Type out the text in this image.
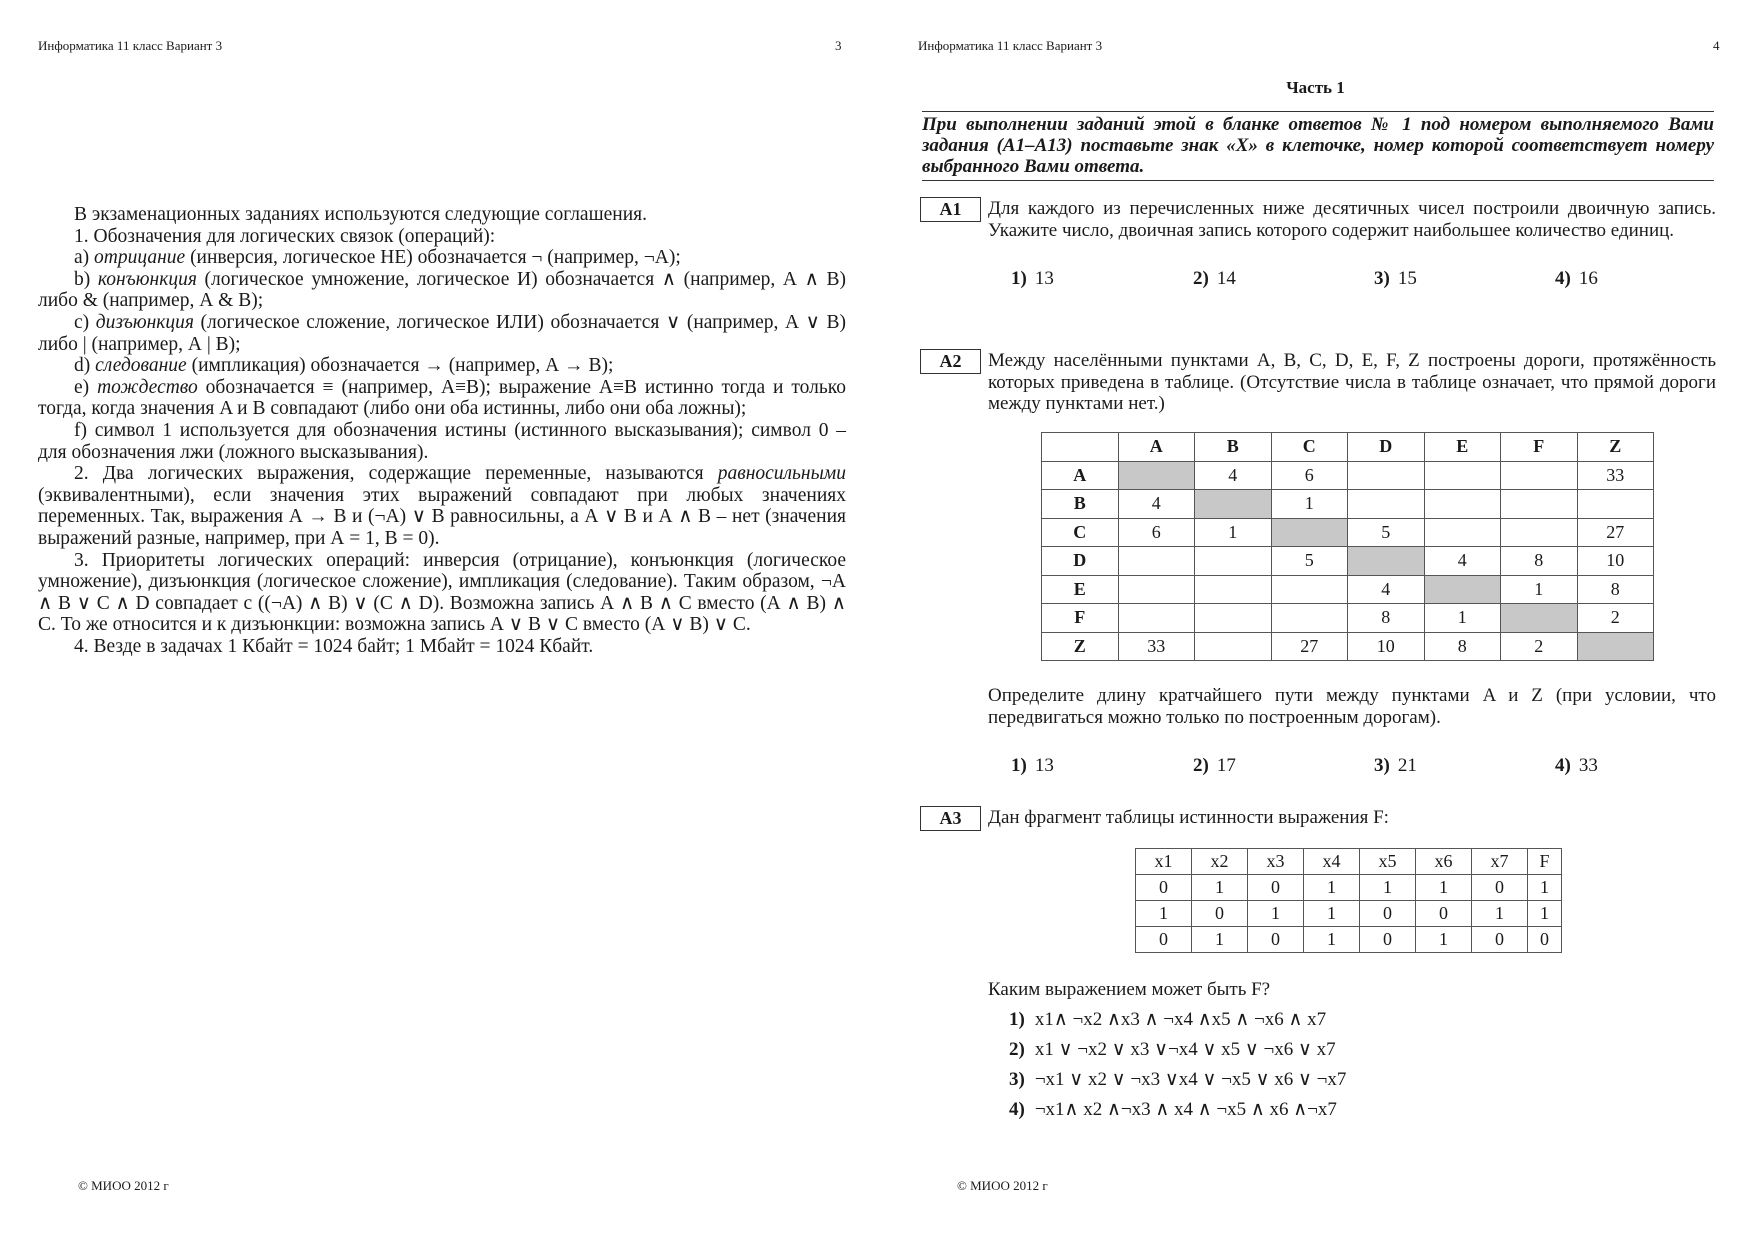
Информатика 11 класс Вариант 3	3

В экзаменационных заданиях используются следующие соглашения.

1. Обозначения для логических связок (операций):

a) отрицание (инверсия, логическое НЕ) обозначается ¬ (например, ¬А);

b) конъюнкция (логическое умножение, логическое И) обозначается ∧ (например, А ∧ В) либо & (например, А & В);

c) дизъюнкция (логическое сложение, логическое ИЛИ) обозначается ∨ (например, А ∨ В) либо | (например, А | В);

d) следование (импликация) обозначается → (например, А → В);

e) тождество обозначается ≡ (например, A≡B); выражение A≡B истинно тогда и только тогда, когда значения A и B совпадают (либо они оба истинны, либо они оба ложны);

f) символ 1 используется для обозначения истины (истинного высказывания); символ 0 – для обозначения лжи (ложного высказывания).

2. Два логических выражения, содержащие переменные, называются равносильными (эквивалентными), если значения этих выражений совпадают при любых значениях переменных. Так, выражения А → В и (¬А) ∨ В равносильны, а А ∨ В и А ∧ В – нет (значения выражений разные, например, при А = 1, В = 0).

3. Приоритеты логических операций: инверсия (отрицание), конъюнкция (логическое умножение), дизъюнкция (логическое сложение), импликация (следование). Таким образом, ¬А ∧ В ∨ С ∧ D совпадает с ((¬А) ∧ В) ∨ (С ∧ D). Возможна запись А ∧ В ∧ С вместо (А ∧ В) ∧ С. То же относится и к дизъюнкции: возможна запись А ∨ В ∨ С вместо (А ∨ В) ∨ С.

4. Везде в задачах 1 Кбайт = 1024 байт; 1 Мбайт = 1024 Кбайт.

© МИОО 2012 г
Информатика 11 класс Вариант 3	4
Часть 1
При выполнении заданий этой в бланке ответов № 1 под номером выполняемого Вами задания (А1–А13) поставьте знак «Х» в клеточке, номер которой соответствует номеру выбранного Вами ответа.
А1	Для каждого из перечисленных ниже десятичных чисел построили двоичную запись. Укажите число, двоичная запись которого содержит наибольшее количество единиц.
1) 13	2) 14	3) 15	4) 16
А2	Между населёнными пунктами A, B, C, D, E, F, Z построены дороги, протяжённость которых приведена в таблице. (Отсутствие числа в таблице означает, что прямой дороги между пунктами нет.)
	A	B	C	D	E	F	Z
A		4	6				33
B	4		1				
C	6	1		5			27
D			5		4	8	10
E				4		1	8
F				8	1		2
Z	33		27	10	8	2	
Определите длину кратчайшего пути между пунктами A и Z (при условии, что передвигаться можно только по построенным дорогам).
1) 13	2) 17	3) 21	4) 33
А3	Дан фрагмент таблицы истинности выражения F:
x1	x2	x3	x4	x5	x6	x7	F
0	1	0	1	1	1	0	1
1	0	1	1	0	0	1	1
0	1	0	1	0	1	0	0
Каким выражением может быть F?
1) x1∧ ¬x2 ∧x3 ∧ ¬x4 ∧x5 ∧ ¬x6 ∧ x7
2) x1 ∨ ¬x2 ∨ x3 ∨¬x4 ∨ x5 ∨ ¬x6 ∨ x7
3) ¬x1 ∨ x2 ∨ ¬x3 ∨x4 ∨ ¬x5 ∨ x6 ∨ ¬x7
4) ¬x1∧ x2 ∧¬x3 ∧ x4 ∧ ¬x5 ∧ x6 ∧¬x7
© МИОО 2012 г
